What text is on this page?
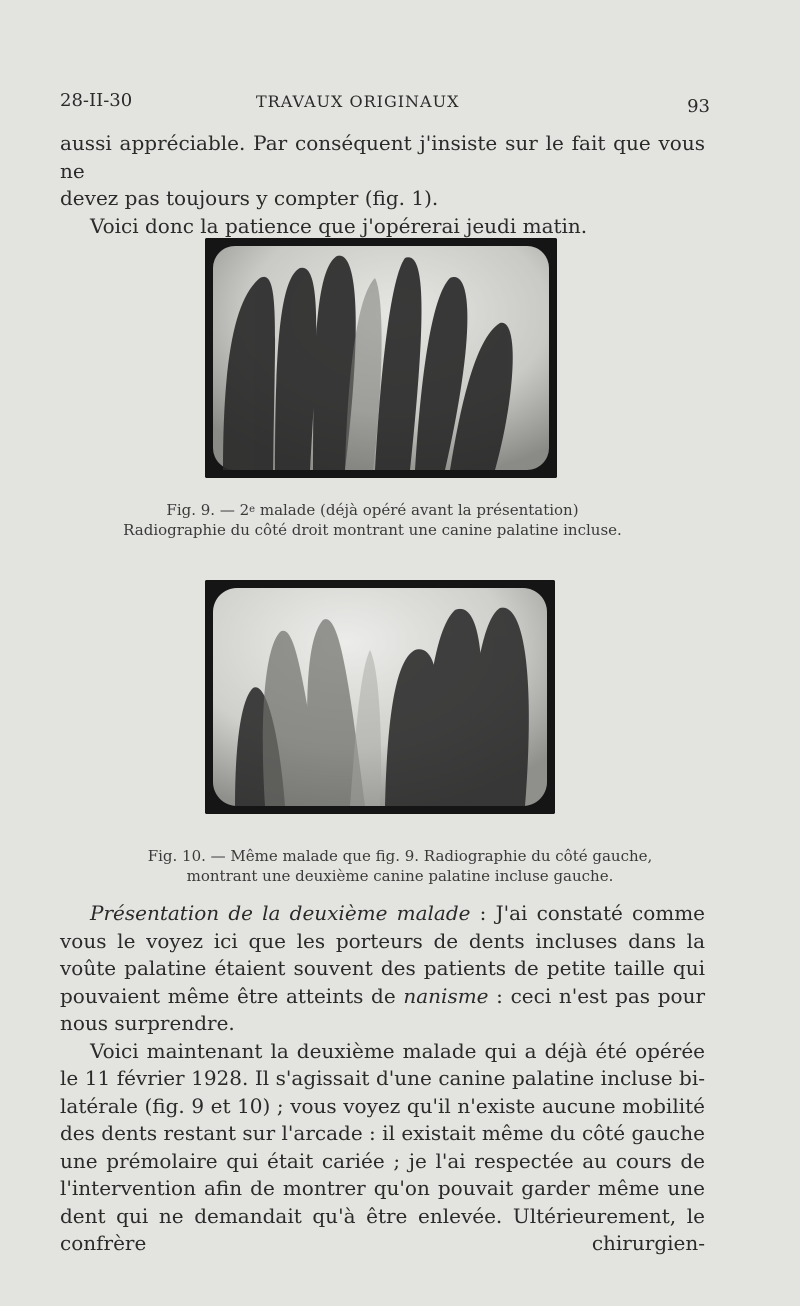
28-II-30	TRAVAUX ORIGINAUX	93

aussi appréciable. Par conséquent j'insiste sur le fait que vous ne

devez pas toujours y compter (fig. 1).

Voici donc la patience que j'opérerai jeudi matin.

Fig. 9. — 2e malade (déjà opéré avant la présentation)

Radiographie du côté droit montrant une canine palatine incluse.

Fig. 10. — Même malade que fig. 9. Radiographie du côté gauche,

montrant une deuxième canine palatine incluse gauche.

Présentation de la deuxième malade : J'ai constaté comme vous le voyez ici que les porteurs de dents incluses dans la voûte palatine étaient souvent des patients de petite taille qui pouvaient même être atteints de nanisme : ceci n'est pas pour nous surprendre.

Voici maintenant la deuxième malade qui a déjà été opérée le 11 février 1928. Il s'agissait d'une canine palatine incluse bi-latérale (fig. 9 et 10) ; vous voyez qu'il n'existe aucune mobilité des dents restant sur l'arcade : il existait même du côté gauche une prémolaire qui était cariée ; je l'ai respectée au cours de l'intervention afin de montrer qu'on pouvait garder même une dent qui ne demandait qu'à être enlevée. Ultérieurement, le confrère chirurgien-
